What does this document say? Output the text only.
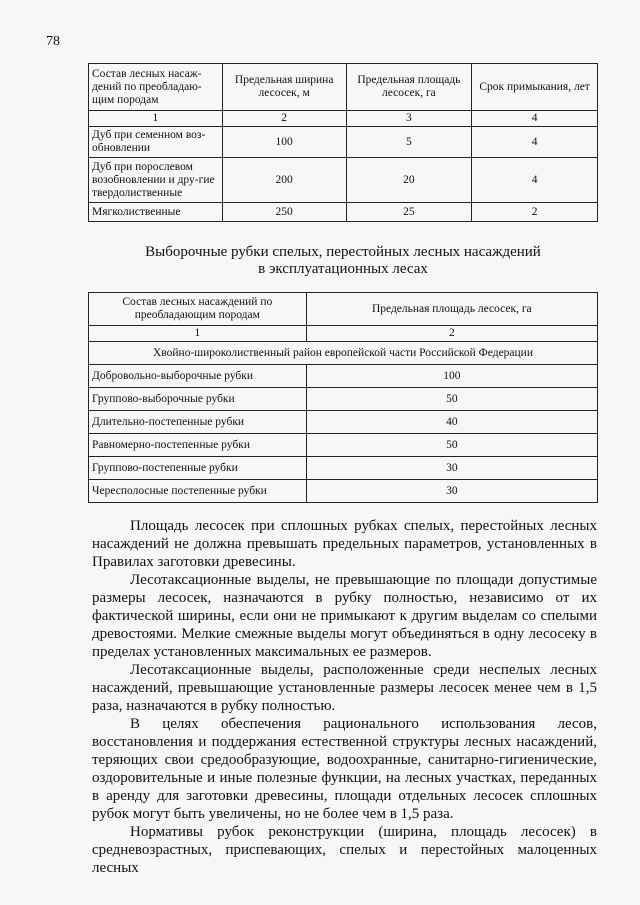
78
Состав лесных насаж-дений по преобладаю-щим породам	Предельная ширина лесосек, м	Предельная площадь лесосек, га	Срок примыкания, лет
1	2	3	4
Дуб при семенном воз-обновлении	100	5	4
Дуб при порослевом возобновлении и дру-гие твердолиственные	200	20	4
Мягколиственные	250	25	2
Выборочные рубки спелых, перестойных лесных насаждений
в эксплуатационных лесах
Состав лесных насаждений по преобладающим породам	Предельная площадь лесосек, га
1	2
Хвойно-широколиственный район европейской части Российской Федерации	
Добровольно-выборочные рубки	100
Группово-выборочные рубки	50
Длительно-постепенные рубки	40
Равномерно-постепенные рубки	50
Группово-постепенные рубки	30
Чересполосные постепенные рубки	30

Площадь лесосек при сплошных рубках спелых, перестойных лесных насаждений не должна превышать предельных параметров, установленных в Правилах заготовки древесины.

Лесотаксационные выделы, не превышающие по площади допустимые размеры лесосек, назначаются в рубку полностью, независимо от их фактической ширины, если они не примыкают к другим выделам со спелыми древостоями. Мелкие смежные выделы могут объединяться в одну лесосеку в пределах установленных максимальных ее размеров.

Лесотаксационные выделы, расположенные среди неспелых лесных насаждений, превышающие установленные размеры лесосек менее чем в 1,5 раза, назначаются в рубку полностью.

В целях обеспечения рационального использования лесов, восстановления и поддержания естественной структуры лесных насаждений, теряющих свои средообразующие, водоохранные, санитарно-гигиенические, оздоровительные и иные полезные функции, на лесных участках, переданных в аренду для заготовки древесины, площади отдельных лесосек сплошных рубок могут быть увеличены, но не более чем в 1,5 раза.

Нормативы рубок реконструкции (ширина, площадь лесосек) в средневозрастных, приспевающих, спелых и перестойных малоценных лесных
